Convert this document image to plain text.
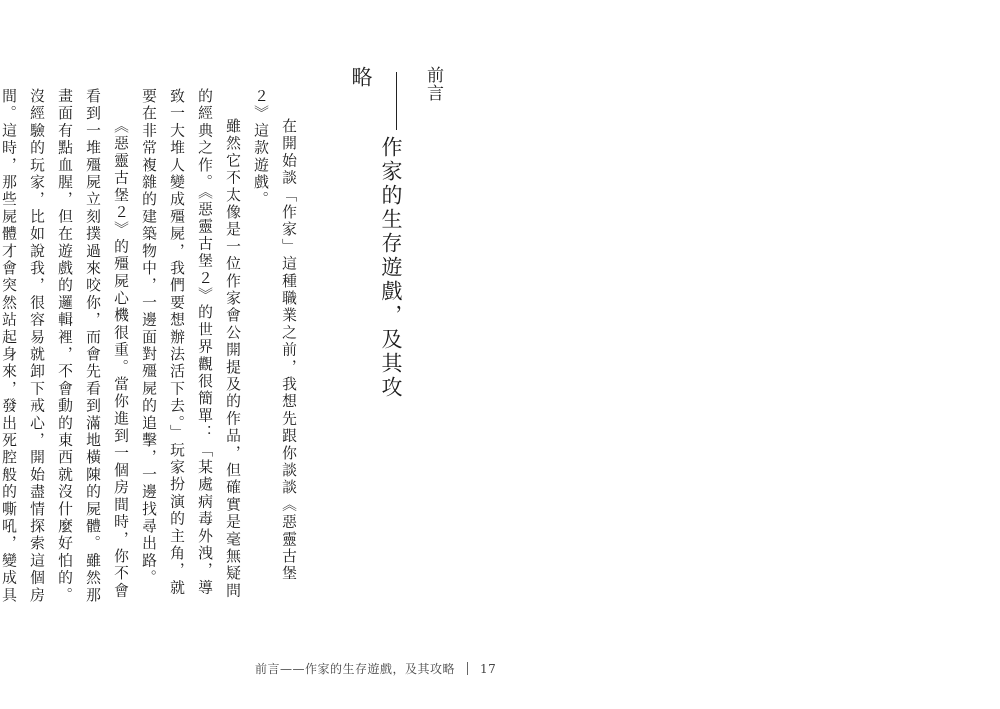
前言
作家的生存遊戲，及其攻略

在開始談「作家」這種職業之前，我想先跟你談談《惡靈古堡２》這款遊戲。

雖然它不太像是一位作家會公開提及的作品，但確實是毫無疑問的經典之作。《惡靈古堡２》的世界觀很簡單：「某處病毒外洩，導致一大堆人變成殭屍，我們要想辦法活下去。」玩家扮演的主角，就要在非常複雜的建築物中，一邊面對殭屍的追擊，一邊找尋出路。

《惡靈古堡２》的殭屍心機很重。當你進到一個房間時，你不會看到一堆殭屍立刻撲過來咬你，而會先看到滿地橫陳的屍體。雖然那畫面有點血腥，但在遊戲的邏輯裡，不會動的東西就沒什麼好怕的。沒經驗的玩家，比如說我，很容易就卸下戒心，開始盡情探索這個房間。這時，那些屍體才會突然站起身來，發出死腔般的嘶吼，變成具

前言——作家的生存遊戲，及其攻略 17
